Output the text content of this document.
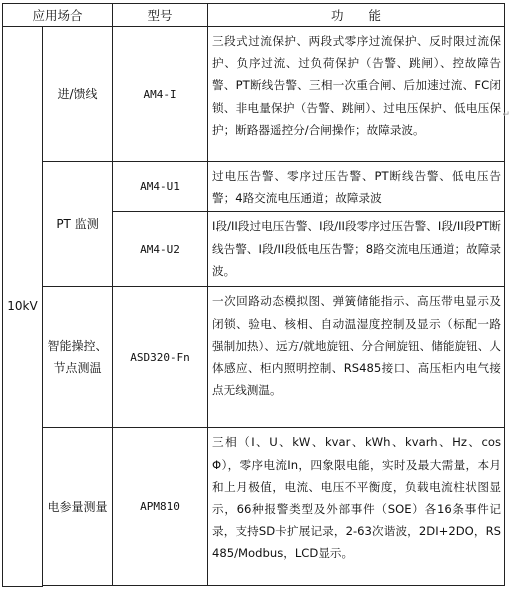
应用场合		型号	功　　能
10kV	进/馈线	AM4-I	三段式过流保护、两段式零序过流保护、反时限过流保护、负序过流、过负荷保护（告警、跳闸）、控故障告警、PT断线告警、三相一次重合闸、后加速过流、FC闭锁、非电量保护（告警、跳闸）、过电压保护、低电压保护；断路器遥控分/合闸操作；故障录波。
	PT 监测	AM4-U1	过电压告警、零序过压告警、PT断线告警、低电压告警；4路交流电压通道；故障录波
		AM4-U2	I段/II段过电压告警、I段/II段零序过压告警、I段/II段PT断线告警、I段/II段低电压告警；8路交流电压通道；故障录波。
	智能操控、节点测温	ASD320-Fn	一次回路动态模拟图、弹簧储能指示、高压带电显示及闭锁、验电、核相、自动温湿度控制及显示（标配一路强制加热）、远方/就地旋钮、分合闸旋钮、储能旋钮、人体感应、柜内照明控制、RS485接口、高压柜内电气接点无线测温。
	电参量测量	APM810	三相（I、U、kW、kvar、kWh、kvarh、Hz、cosΦ），零序电流In，四象限电能，实时及最大需量，本月和上月极值，电流、电压不平衡度，负载电流柱状图显示，66种报警类型及外部事件（SOE）各16条事件记录，支持SD卡扩展记录，2-63次谐波，2DI+2DO，RS485/Modbus，LCD显示。

↵
